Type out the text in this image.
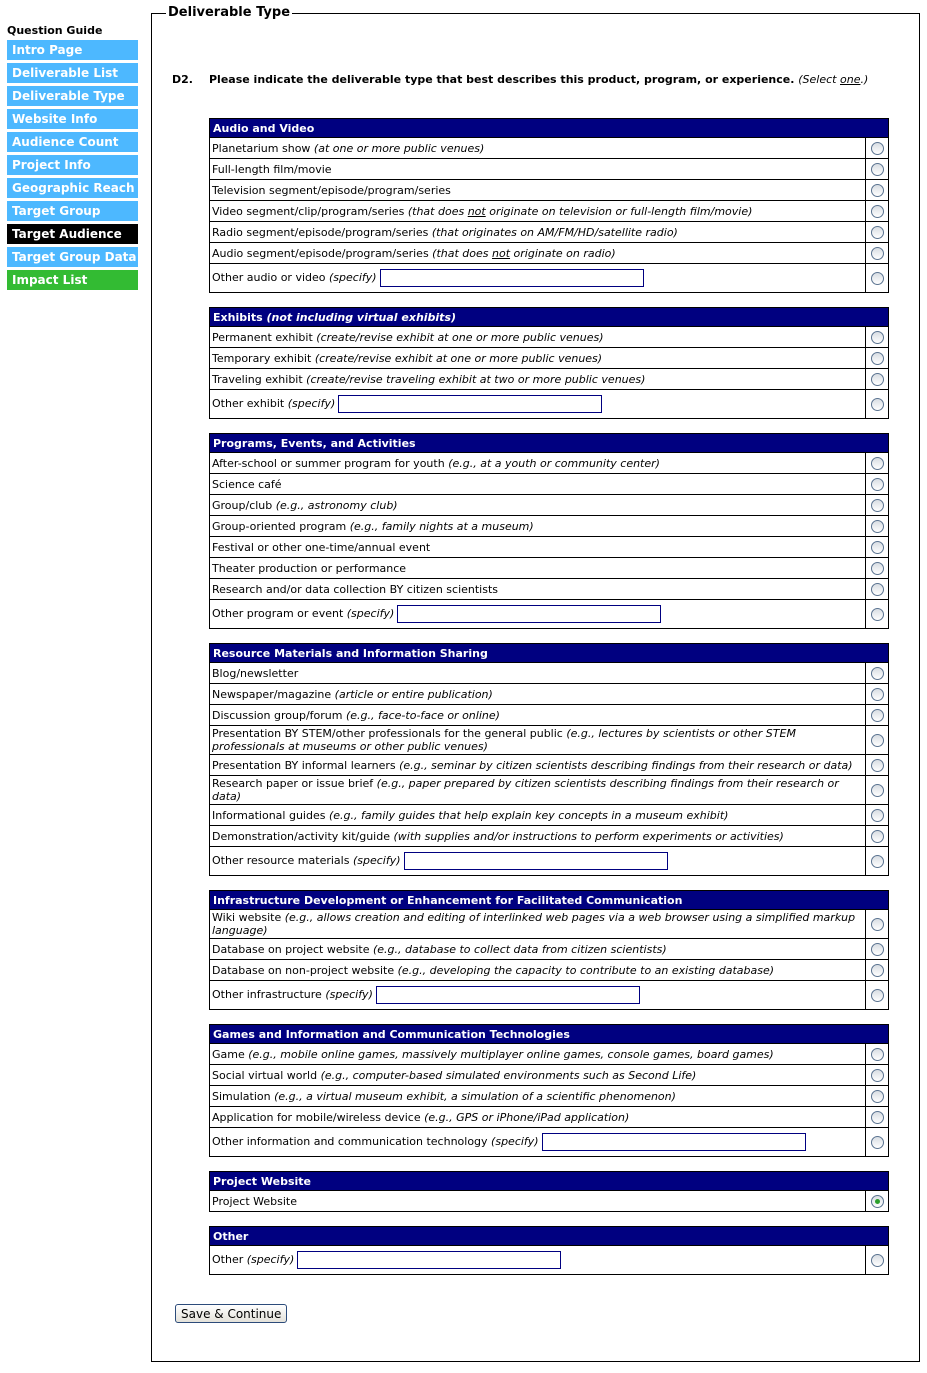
Question Guide
Intro Page
Deliverable List
Deliverable Type
Website Info
Audience Count
Project Info
Geographic Reach
Target Group
Target Audience
Target Group Data
Impact List
Deliverable Type
D2. Please indicate the deliverable type that best describes this product, program, or experience. (Select one.)
Audio and Video	
Planetarium show (at one or more public venues)	
Full-length film/movie	
Television segment/episode/program/series	
Video segment/clip/program/series (that does not originate on television or full-length film/movie)	
Radio segment/episode/program/series (that originates on AM/FM/HD/satellite radio)	
Audio segment/episode/program/series (that does not originate on radio)	
Other audio or video (specify)	
Exhibits (not including virtual exhibits)	
Permanent exhibit (create/revise exhibit at one or more public venues)	
Temporary exhibit (create/revise exhibit at one or more public venues)	
Traveling exhibit (create/revise traveling exhibit at two or more public venues)	
Other exhibit (specify)	
Programs, Events, and Activities	
After-school or summer program for youth (e.g., at a youth or community center)	
Science café	
Group/club (e.g., astronomy club)	
Group-oriented program (e.g., family nights at a museum)	
Festival or other one-time/annual event	
Theater production or performance	
Research and/or data collection BY citizen scientists	
Other program or event (specify)	
Resource Materials and Information Sharing	
Blog/newsletter	
Newspaper/magazine (article or entire publication)	
Discussion group/forum (e.g., face-to-face or online)	
Presentation BY STEM/other professionals for the general public (e.g., lectures by scientists or other STEM professionals at museums or other public venues)	
Presentation BY informal learners (e.g., seminar by citizen scientists describing findings from their research or data)	
Research paper or issue brief (e.g., paper prepared by citizen scientists describing findings from their research or data)	
Informational guides (e.g., family guides that help explain key concepts in a museum exhibit)	
Demonstration/activity kit/guide (with supplies and/or instructions to perform experiments or activities)	
Other resource materials (specify)	
Infrastructure Development or Enhancement for Facilitated Communication	
Wiki website (e.g., allows creation and editing of interlinked web pages via a web browser using a simplified markup language)	
Database on project website (e.g., database to collect data from citizen scientists)	
Database on non-project website (e.g., developing the capacity to contribute to an existing database)	
Other infrastructure (specify)	
Games and Information and Communication Technologies	
Game (e.g., mobile online games, massively multiplayer online games, console games, board games)	
Social virtual world (e.g., computer-based simulated environments such as Second Life)	
Simulation (e.g., a virtual museum exhibit, a simulation of a scientific phenomenon)	
Application for mobile/wireless device (e.g., GPS or iPhone/iPad application)	
Other information and communication technology (specify)	
Project Website
Project Website	
Other
Other (specify)	
Save & Continue
